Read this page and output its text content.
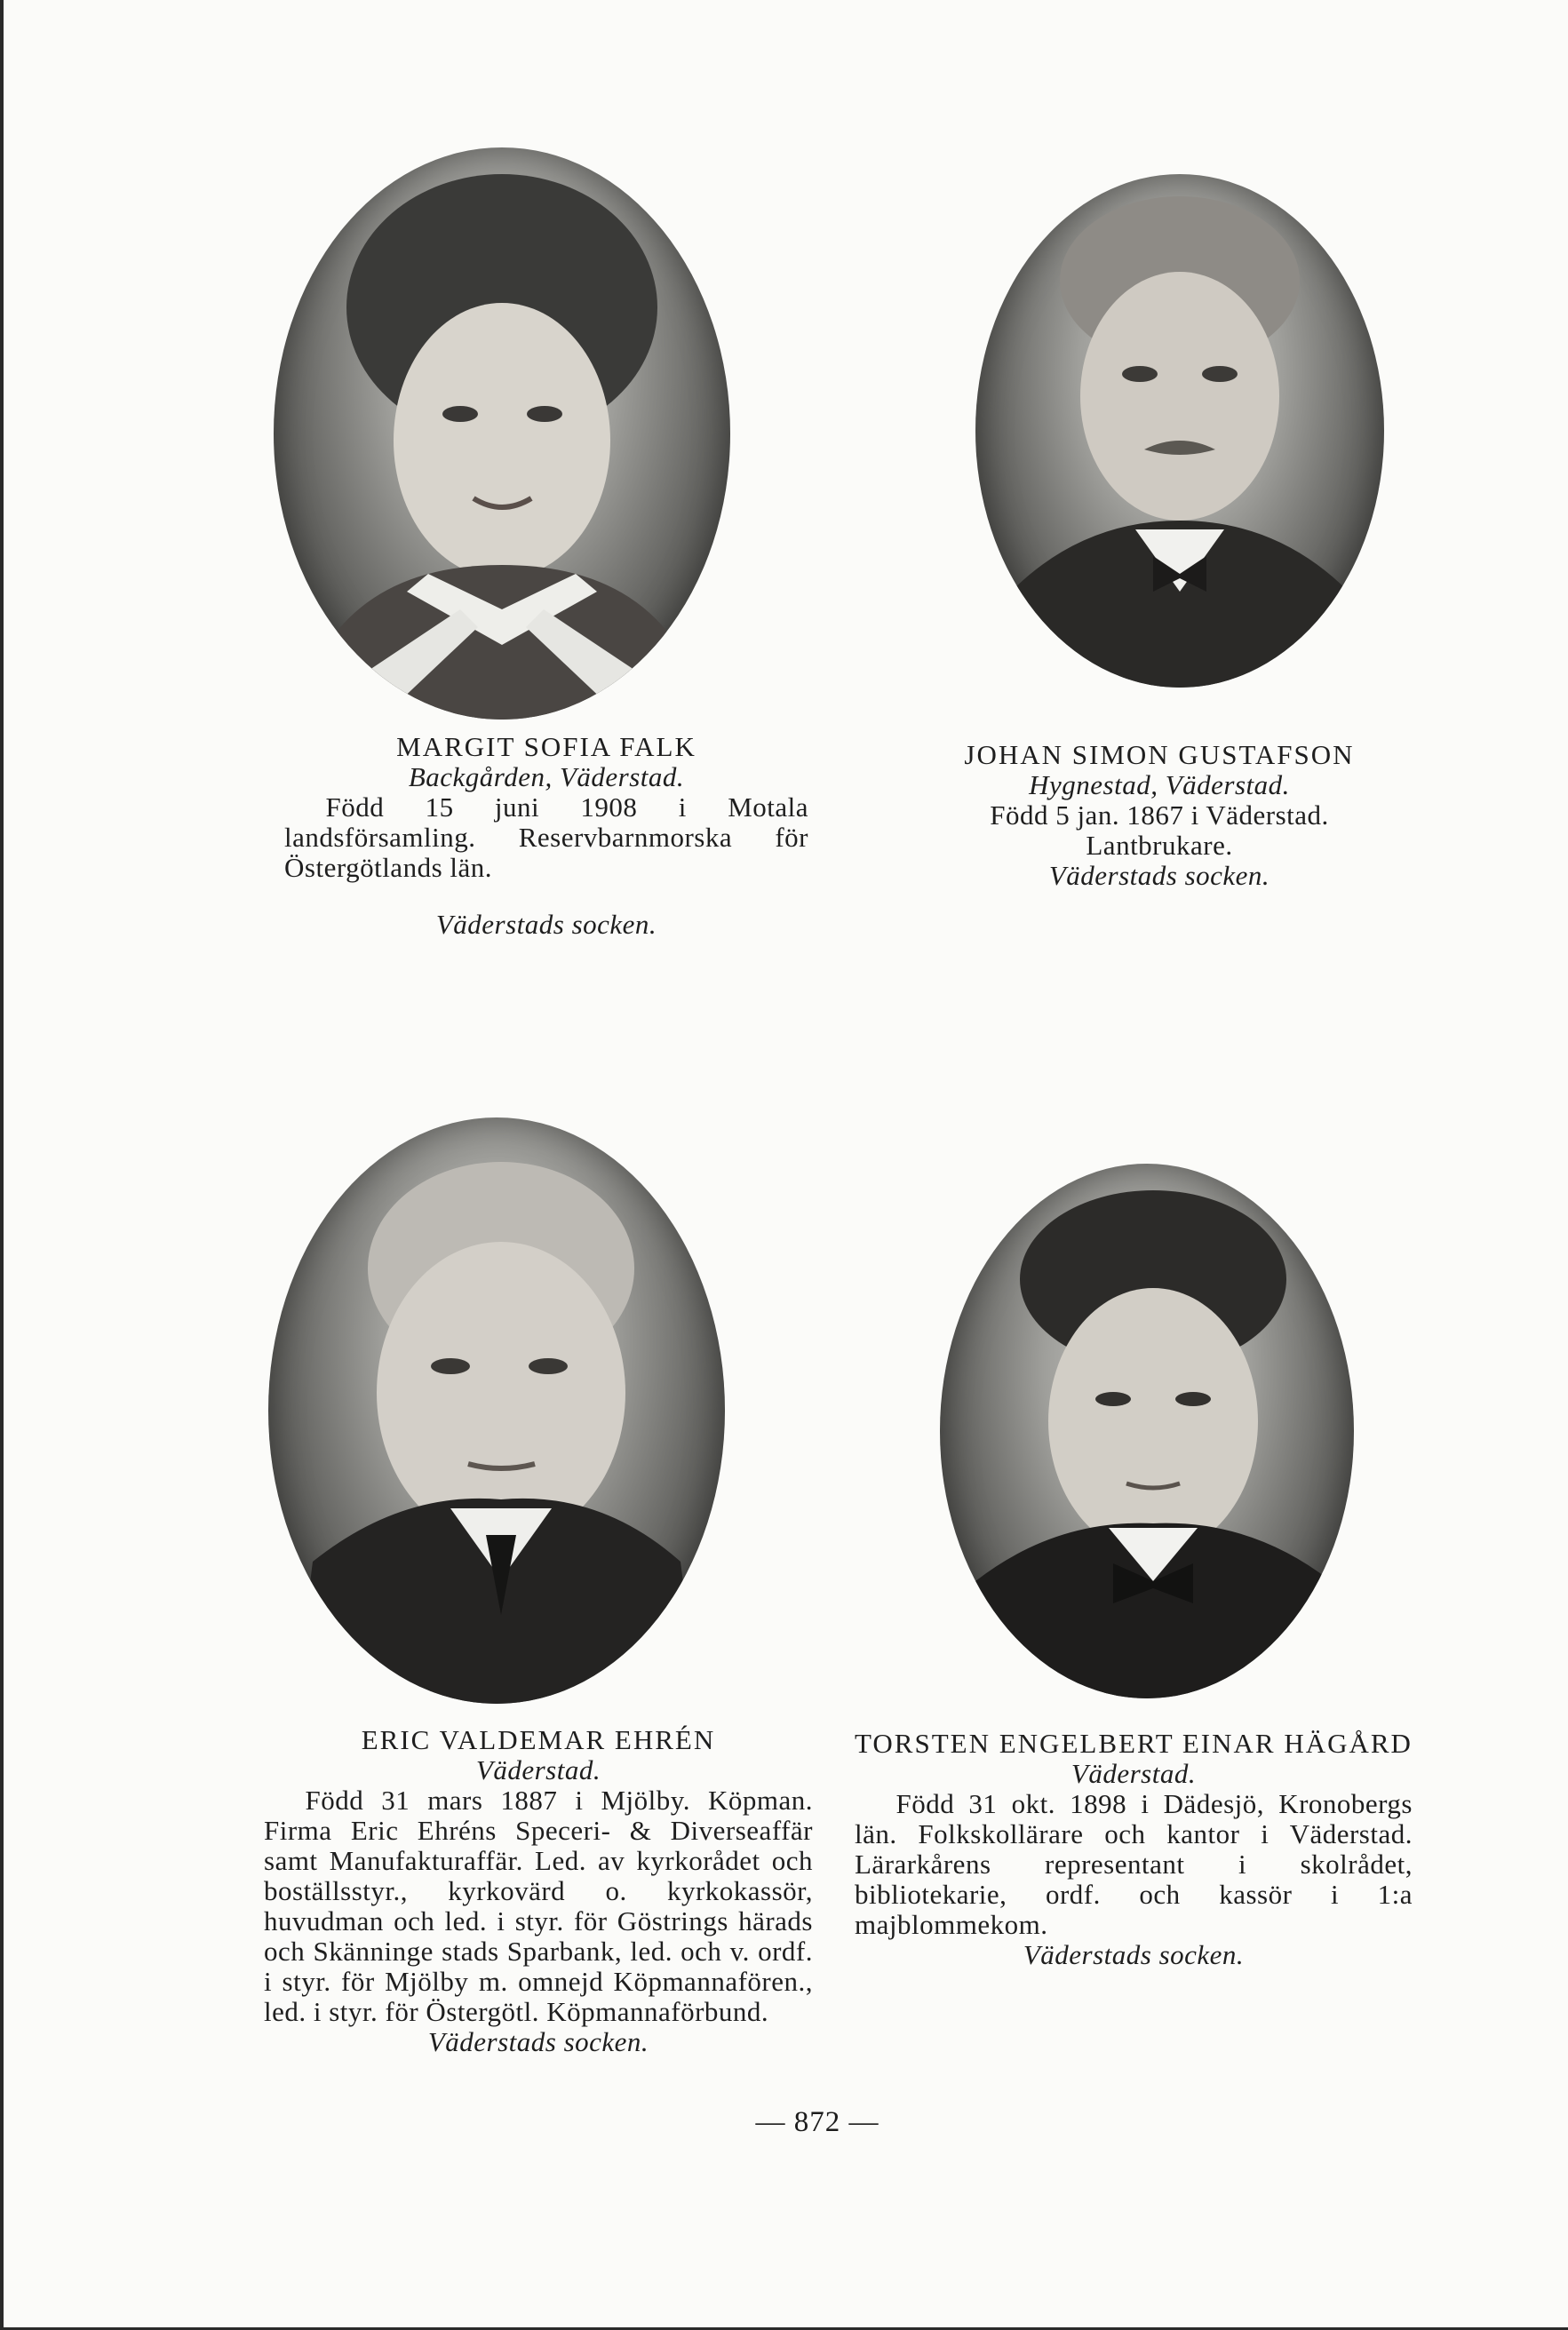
MARGIT SOFIA FALK
Backgården, Väderstad.
Född 15 juni 1908 i Motala landsförsamling. Reservbarnmorska för Östergötlands län.
Väderstads socken.
JOHAN SIMON GUSTAFSON
Hygnestad, Väderstad.
Född 5 jan. 1867 i Väderstad.
Lantbrukare.
Väderstads socken.
ERIC VALDEMAR EHRÉN
Väderstad.
Född 31 mars 1887 i Mjölby. Köpman. Firma Eric Ehréns Speceri- & Diverseaffär samt Manufakturaffär. Led. av kyrkorådet och boställsstyr., kyrkovärd o. kyrkokassör, huvudman och led. i styr. för Göstrings härads och Skänninge stads Sparbank, led. och v. ordf. i styr. för Mjölby m. omnejd Köpmannafören., led. i styr. för Östergötl. Köpmannaförbund.
Väderstads socken.
TORSTEN ENGELBERT EINAR HÄGÅRD
Väderstad.
Född 31 okt. 1898 i Dädesjö, Kronobergs län. Folkskollärare och kantor i Väderstad. Lärarkårens representant i skolrådet, bibliotekarie, ordf. och kassör i 1:a majblommekom.
Väderstads socken.
— 872 —
